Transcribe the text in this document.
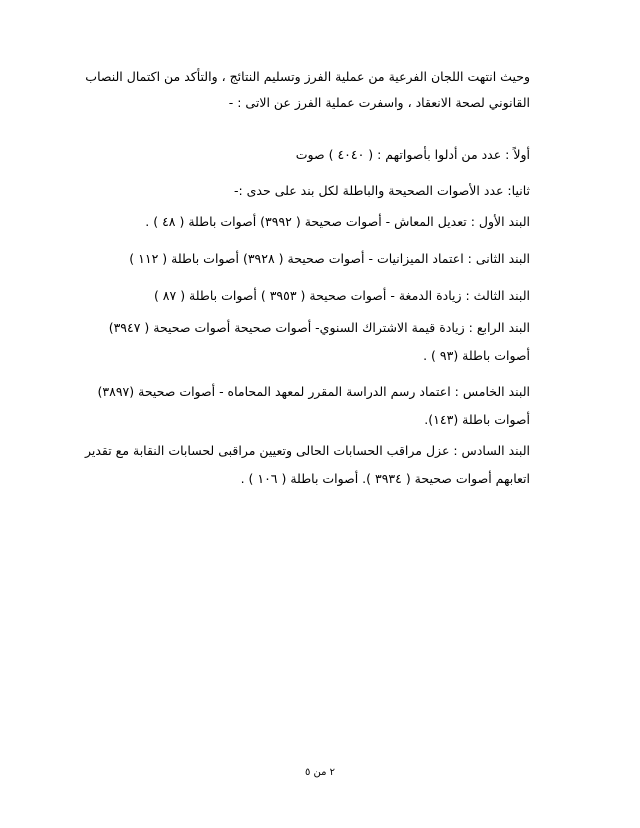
وحيث انتهت اللجان الفرعية من عملية الفرز وتسليم النتائج ، والتأكد من اكتمال النصاب
القانوني لصحة الانعقاد ، واسفرت عملية الفرز عن الاتى : -
أولاً : عدد من أدلوا بأصواتهم : ( ٤٠٤٠ ) صوت
ثانيا: عدد الأصوات الصحيحة والباطلة لكل بند على حدى :-
البند الأول : تعديل المعاش - أصوات صحيحة ( ٣٩٩٢) أصوات باطلة ( ٤٨ ) .
البند الثانى : اعتماد الميزانيات - أصوات صحيحة ( ٣٩٢٨) أصوات باطلة ( ١١٢ )
البند الثالث : زيادة الدمغة - أصوات صحيحة ( ٣٩٥٣ ) أصوات باطلة ( ٨٧ )
البند الرابع : زيادة قيمة الاشتراك السنوي- أصوات صحيحة أصوات صحيحة ( ٣٩٤٧)
أصوات باطلة (٩٣ ) .
البند الخامس : اعتماد رسم الدراسة المقرر لمعهد المحاماه - أصوات صحيحة (٣٨٩٧)
أصوات باطلة (١٤٣).
البند السادس : عزل مراقب الحسابات الحالى وتعيين مراقبى لحسابات النقابة مع تقدير
اتعابهم أصوات صحيحة ( ٣٩٣٤ ). أصوات باطلة ( ١٠٦ ) .
٢ من ٥
